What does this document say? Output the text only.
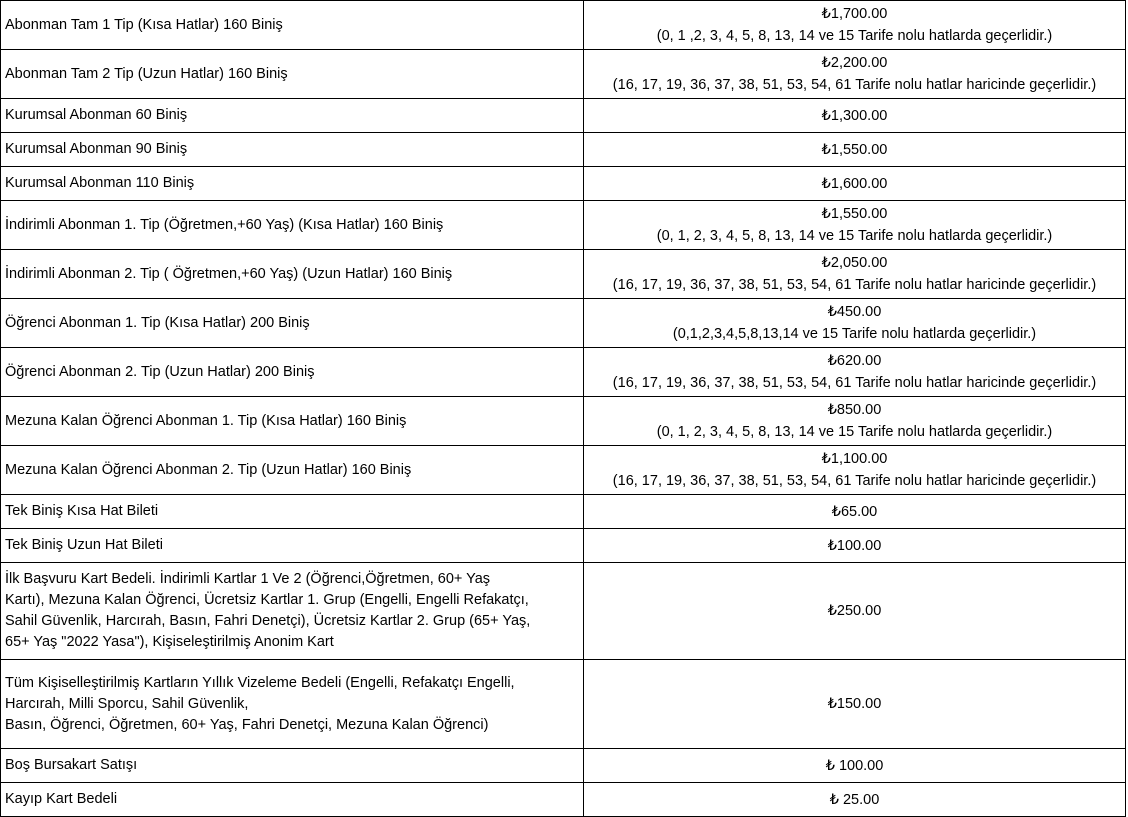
Abonman Tam 1 Tip (Kısa Hatlar) 160 Biniş	₺1,700.00
(0, 1 ,2, 3, 4, 5, 8, 13, 14 ve 15 Tarife nolu hatlarda geçerlidir.)

Abonman Tam 2 Tip (Uzun Hatlar) 160 Biniş	₺2,200.00
(16, 17, 19, 36, 37, 38, 51, 53, 54, 61 Tarife nolu hatlar haricinde geçerlidir.)

Kurumsal Abonman 60 Biniş	₺1,300.00

Kurumsal Abonman 90 Biniş	₺1,550.00

Kurumsal Abonman 110 Biniş	₺1,600.00

İndirimli Abonman 1. Tip (Öğretmen,+60 Yaş) (Kısa Hatlar) 160 Biniş	₺1,550.00
(0, 1, 2, 3, 4, 5, 8, 13, 14 ve 15 Tarife nolu hatlarda geçerlidir.)

İndirimli Abonman 2. Tip ( Öğretmen,+60 Yaş) (Uzun Hatlar) 160 Biniş	₺2,050.00
(16, 17, 19, 36, 37, 38, 51, 53, 54, 61 Tarife nolu hatlar haricinde geçerlidir.)

Öğrenci Abonman 1. Tip (Kısa Hatlar) 200 Biniş	₺450.00
(0,1,2,3,4,5,8,13,14 ve 15 Tarife nolu hatlarda geçerlidir.)

Öğrenci Abonman 2. Tip (Uzun Hatlar) 200 Biniş	₺620.00
(16, 17, 19, 36, 37, 38, 51, 53, 54, 61 Tarife nolu hatlar haricinde geçerlidir.)

Mezuna Kalan Öğrenci Abonman 1. Tip (Kısa Hatlar) 160 Biniş	₺850.00
(0, 1, 2, 3, 4, 5, 8, 13, 14 ve 15 Tarife nolu hatlarda geçerlidir.)

Mezuna Kalan Öğrenci Abonman 2. Tip (Uzun Hatlar) 160 Biniş	₺1,100.00
(16, 17, 19, 36, 37, 38, 51, 53, 54, 61 Tarife nolu hatlar haricinde geçerlidir.)

Tek Biniş Kısa Hat Bileti	₺65.00

Tek Biniş Uzun Hat Bileti	₺100.00

İlk Başvuru Kart Bedeli. İndirimli Kartlar 1 Ve 2 (Öğrenci,Öğretmen, 60+ Yaş
Kartı), Mezuna Kalan Öğrenci, Ücretsiz Kartlar 1. Grup (Engelli, Engelli Refakatçı,
Sahil Güvenlik, Harcırah, Basın, Fahri Denetçi), Ücretsiz Kartlar 2. Grup (65+ Yaş,
65+ Yaş "2022 Yasa"), Kişiseleştirilmiş Anonim Kart	₺250.00

Tüm Kişiselleştirilmiş Kartların Yıllık Vizeleme Bedeli (Engelli, Refakatçı Engelli,
Harcırah, Milli Sporcu, Sahil Güvenlik,
Basın, Öğrenci, Öğretmen, 60+ Yaş, Fahri Denetçi, Mezuna Kalan Öğrenci)	₺150.00

Boş Bursakart Satışı	₺ 100.00

Kayıp Kart Bedeli	₺ 25.00
